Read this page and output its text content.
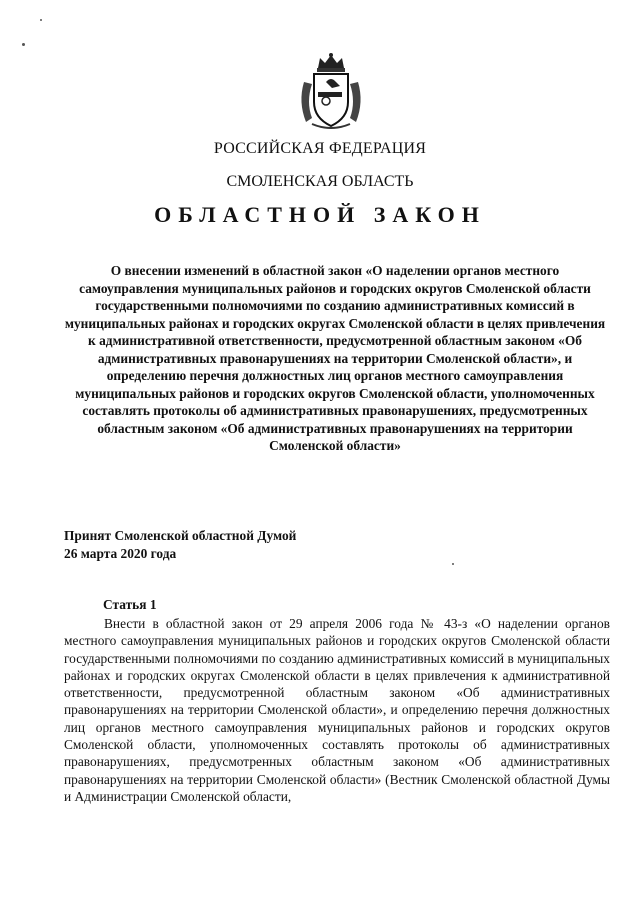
РОССИЙСКАЯ ФЕДЕРАЦИЯ
СМОЛЕНСКАЯ ОБЛАСТЬ
ОБЛАСТНОЙ ЗАКОН
О внесении изменений в областной закон «О наделении органов местного самоуправления муниципальных районов и городских округов Смоленской области государственными полномочиями по созданию административных комиссий в муниципальных районах и городских округах Смоленской области в целях привлечения к административной ответственности, предусмотренной областным законом «Об административных правонарушениях на территории Смоленской области», и определению перечня должностных лиц органов местного самоуправления муниципальных районов и городских округов Смоленской области, уполномоченных составлять протоколы об административных правонарушениях, предусмотренных областным законом «Об административных правонарушениях на территории Смоленской области»
Принят Смоленской областной Думой
26 марта 2020 года
Статья 1
Внести в областной закон от 29 апреля 2006 года № 43-з «О наделении органов местного самоуправления муниципальных районов и городских округов Смоленской области государственными полномочиями по созданию административных комиссий в муниципальных районах и городских округах Смоленской области в целях привлечения к административной ответственности, предусмотренной областным законом «Об административных правонарушениях на территории Смоленской области», и определению перечня должностных лиц органов местного самоуправления муниципальных районов и городских округов Смоленской области, уполномоченных составлять протоколы об административных правонарушениях, предусмотренных областным законом «Об административных правонарушениях на территории Смоленской области» (Вестник Смоленской областной Думы и Администрации Смоленской области,
